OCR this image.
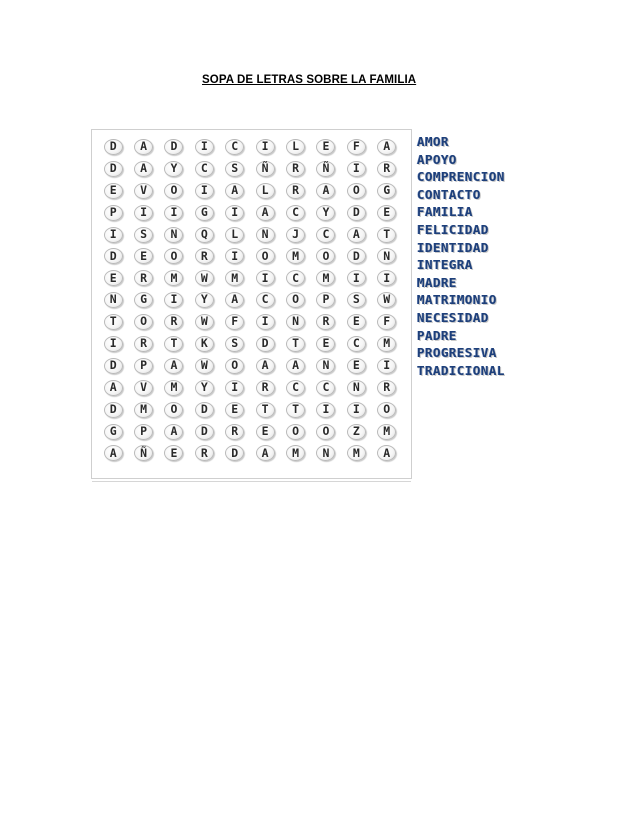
SOPA DE LETRAS SOBRE LA FAMILIA
D	A	D	I	C	I	L	E	F	A
D	A	Y	C	S	Ñ	R	Ñ	I	R
E	V	O	I	A	L	R	A	O	G
P	I	I	G	I	A	C	Y	D	E
I	S	N	Q	L	N	J	C	A	T
D	E	O	R	I	O	M	O	D	N
E	R	M	W	M	I	C	M	I	I
N	G	I	Y	A	C	O	P	S	W
T	O	R	W	F	I	N	R	E	F
I	R	T	K	S	D	T	E	C	M
D	P	A	W	O	A	A	N	E	I
A	V	M	Y	I	R	C	C	N	R
D	M	O	D	E	T	T	I	I	O
G	P	A	D	R	E	O	O	Z	M
A	Ñ	E	R	D	A	M	N	M	A
AMOR
APOYO
COMPRENCION
CONTACTO
FAMILIA
FELICIDAD
IDENTIDAD
INTEGRA
MADRE
MATRIMONIO
NECESIDAD
PADRE
PROGRESIVA
TRADICIONAL
